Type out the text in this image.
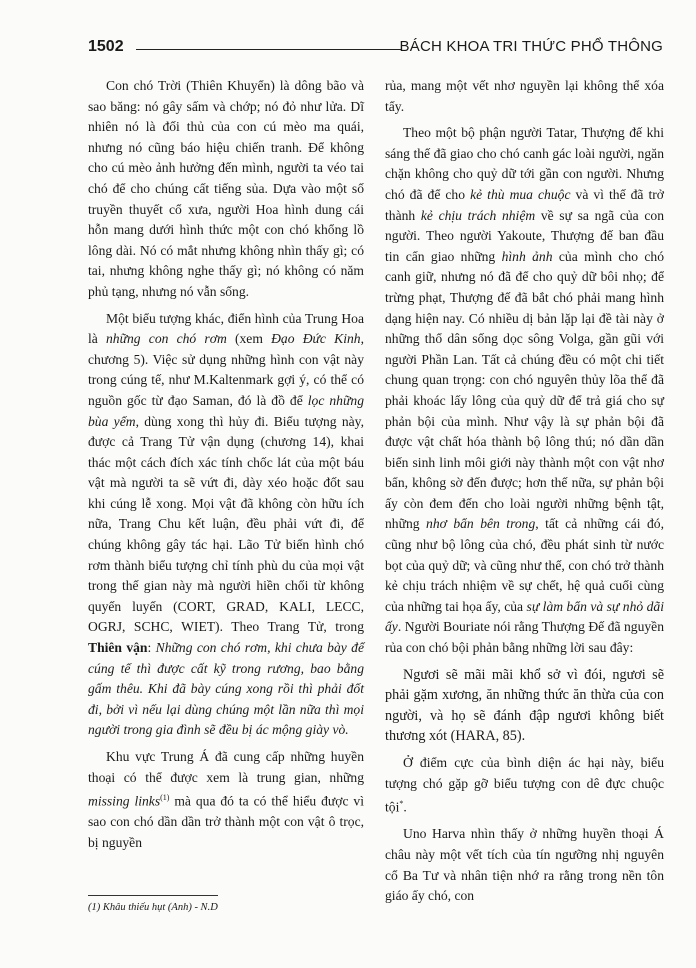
1502	BÁCH KHOA TRI THỨC PHỔ THÔNG

Con chó Trời (Thiên Khuyển) là dông bão và sao băng: nó gây sấm và chớp; nó đỏ như lửa. Dĩ nhiên nó là đối thủ của con cú mèo ma quái, nhưng nó cũng báo hiệu chiến tranh. Để không cho cú mèo ảnh hưởng đến mình, người ta véo tai chó để cho chúng cất tiếng sủa. Dựa vào một số truyền thuyết cổ xưa, người Hoa hình dung cái hỗn mang dưới hình thức một con chó khổng lồ lông dài. Nó có mắt nhưng không nhìn thấy gì; có tai, nhưng không nghe thấy gì; nó không có năm phủ tạng, nhưng nó vẫn sống.

Một biểu tượng khác, điển hình của Trung Hoa là những con chó rơm (xem Đạo Đức Kinh, chương 5). Việc sử dụng những hình con vật này trong cúng tế, như M.Kaltenmark gợi ý, có thể có nguồn gốc từ đạo Saman, đó là đồ để lọc những bùa yểm, dùng xong thì hủy đi. Biểu tượng này, được cả Trang Tử vận dụng (chương 14), khai thác một cách đích xác tính chốc lát của một báu vật mà người ta sẽ vứt đi, dày xéo hoặc đốt sau khi cúng lễ xong. Mọi vật đã không còn hữu ích nữa, Trang Chu kết luận, đều phải vứt đi, để chúng không gây tác hại. Lão Tử biến hình chó rơm thành biểu tượng chỉ tính phù du của mọi vật trong thế gian này mà người hiền chối từ không quyến luyến (CORT, GRAD, KALI, LECC, OGRJ, SCHC, WIET). Theo Trang Tử, trong Thiên vận: Những con chó rơm, khi chưa bày để cúng tế thì được cất kỹ trong rương, bao bằng gấm thêu. Khi đã bày cúng xong rồi thì phải đốt đi, bởi vì nếu lại dùng chúng một lần nữa thì mọi người trong gia đình sẽ đều bị ác mộng giày vò.

Khu vực Trung Á đã cung cấp những huyền thoại có thể được xem là trung gian, những missing links$^{(1)}$ mà qua đó ta có thể hiểu được vì sao con chó dần dần trở thành một con vật ô trọc, bị nguyền

rủa, mang một vết nhơ nguyền lại không thể xóa tẩy.

Theo một bộ phận người Tatar, Thượng đế khi sáng thế đã giao cho chó canh gác loài người, ngăn chặn không cho quỷ dữ tới gần con người. Nhưng chó đã để cho kẻ thù mua chuộc và vì thế đã trở thành kẻ chịu trách nhiệm về sự sa ngã của con người. Theo người Yakoute, Thượng đế ban đầu tin cẩn giao những hình ảnh của mình cho chó canh giữ, nhưng nó đã để cho quỷ dữ bôi nhọ; để trừng phạt, Thượng đế đã bắt chó phải mang hình dạng hiện nay. Có nhiều dị bản lặp lại đề tài này ở những thổ dân sống dọc sông Volga, gần gũi với người Phần Lan. Tất cả chúng đều có một chi tiết chung quan trọng: con chó nguyên thủy lõa thể đã phải khoác lấy lông của quỷ dữ để trả giá cho sự phản bội của mình. Như vậy là sự phản bội đã được vật chất hóa thành bộ lông thú; nó dần dần biến sinh linh môi giới này thành một con vật nhơ bẩn, không sờ đến được; hơn thế nữa, sự phản bội ấy còn đem đến cho loài người những bệnh tật, những nhơ bẩn bên trong, tất cả những cái đó, cũng như bộ lông của chó, đều phát sinh từ nước bọt của quỷ dữ; và cũng như thế, con chó trở thành kẻ chịu trách nhiệm về sự chết, hệ quả cuối cùng của những tai họa ấy, của sự làm bẩn và sự nhỏ dãi ấy. Người Bouriate nói rằng Thượng Đế đã nguyền rủa con chó bội phản bằng những lời sau đây:

Ngươi sẽ mãi mãi khổ sở vì đói, ngươi sẽ phải gặm xương, ăn những thức ăn thừa của con người, và họ sẽ đánh đập ngươi không biết thương xót (HARA, 85).

Ở điểm cực của bình diện ác hại này, biểu tượng chó gặp gỡ biểu tượng con dê đực chuộc tội*.

Uno Harva nhìn thấy ở những huyền thoại Á châu này một vết tích của tín ngưỡng nhị nguyên cổ Ba Tư và nhân tiện nhớ ra rằng trong nền tôn giáo ấy chó, con

(1) Khâu thiếu hụt (Anh) - N.D
